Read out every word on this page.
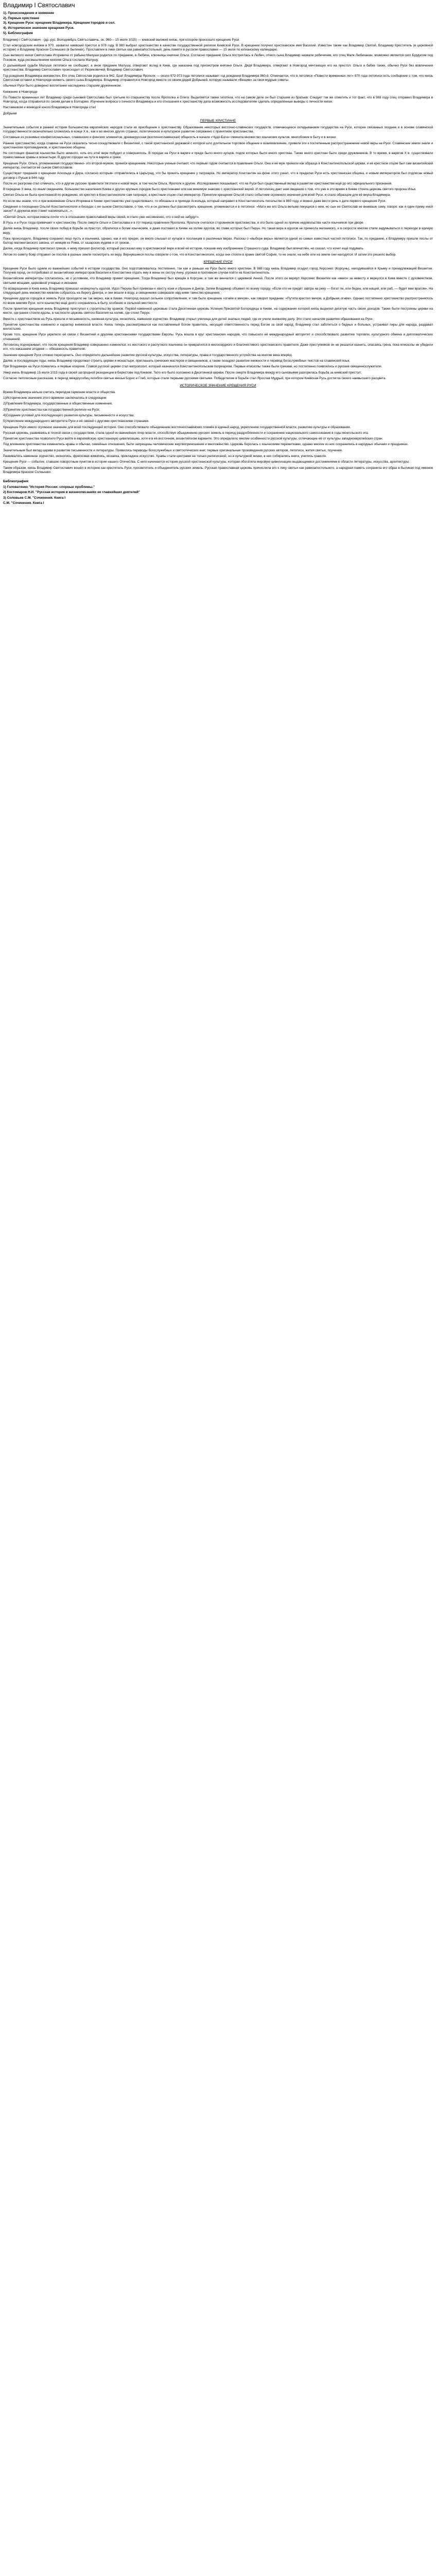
Владимир I Святославич
1). Происхождение и княжение
2). Первые христиане
3). Крещение Руси: крещение Владимира. Крещение городов и сел.
4). Историческое значение крещения Руси.
5). Библиография

Владимир I Святославич - (др.-рус. Володимѣръ Святъславичь, ок. 960— 15 июля 1015) — киевский великий князь, при котором произошло крещение Руси.

Стал новгородским князем в 970, захватил киевский престол в 978 году. В 980 выбрал христианство в качестве государственной религии Киевской Руси. В крещении получил христианское имя Василий. Известен также как Владимир Святой, Владимир Креститель (в церковной истории) и Владимир Красное Солнышко (в былинах). Прославлен в лике святых как равноапостольный, день памяти в русском православии — 15 июля по юлианскому календарю.

Сын великого князя Святослава Игоревича от рабыни Малуши родился по преданию, в Любече, ключницы княгини Ольги. Согласно преданию Ольга постриглась в Любеч, отчего сына Владимир назвали робичичем, его отец Малк Любечанин, возможно является сего Бурдатом под Псковом, куда росмышлением княгиня Ольга сослала Малушу.

О дальнейшей судьбе Малуши летописи не сообщают, а иное предание Малушу, отвергают вслед в Киев, где наказана под присмотром княгини Ольги. Дядя Владимира, отвергают в Новгород мечтающих его на престол. Ольга и бабке также, обычно Руси без вовлечения христианства. Владимир Святославич происходил от Рюриковичей. Владимир Святославич.

Год рождения Владимира неизвестен. Его отец Святослав родился в 942. Брат Владимира Ярополк — около 972-973 года летописи называет год рождения Владимира 960-й. Отмечается, что в летописи «Повести временных лет» 970 года летописи есть сообщение о том, что князь Святослав оставил в Новгороде княжить своего сына Владимира. Владимир отправился в Новгород вместе со своим дядей Добрыней, которую называли «Вещим» за свои мудрые советы.

обычных Руси было доверено воспитание наследника старшим дружинником.

Княжение в Новгороде

По Повести временных лет Владимир среди сыновей Святослава был третьим по старшинству после Ярополка и Олега. Выделяется также гипотеза, что на самом деле он был старшим из братьев. Следует так же отметить и тот факт, что в 969 году отец отправил Владимира в Новгород, когда отправился по своим делам в Болгарию. Изучение вопроса о личности Владимира и его отношения к христианству дала возможность исследователям сделать определённые выводы о личности князя.

Наставником и воеводой юного Владимира в Новгороде стал

Добрыня

ПЕРВЫЕ ХРИСТИАНЕ

Значительные события в ранней истории большинства европейских народов стали их приобщение к христианству. Образование некоторых восточно-славянских государств, отмечающиеся складыванием государства на Руси, которое связанных позднее и в основе славянской государственности окончательно сложились в конце X в., как и во многих других странах, политическое и культурное развитие сопряжено с принятием христианства.

Составные из рознимых конфессиональных, славянских и финских элементов, древнерусская (восточнославянская) общность в начале «Чудо-Бога» сменила множество языческих культов, многобожие в быту и в жизни.

Раннее христианство, когда славяне на Руси оказались тесно соседствовали с Византией, с такой христианской державой с которой шло длительное торговое общение и взаимовлияние, привели эти к постепенным распространением новой веры на Руси. Славянские земли знали и христианских проповедников, и христианские общины.

Не состоящих фанатов язычества было немного, хоть его этой вере побудил и совершилось. В городах на Руси в варяге и преде было много купцов, подле которых было много христиан. Также много христиан было среди дружинников. В то время, в варягов Х в. существовали православные храмы и монастыри. В других городах на пути в варяги и греки.

Крещение Руси. Ольга, упоминаемая государственно- это второй-мужем, принеся крещением. Некоторые ученые считают, что первым годом считается в правление Ольги. Она и её муж приняли как образца в Константинопольской церкви, и её крестном отцом был сам византийский император, считается её сыном Святославом.

Существуют предания о крещении Аскольда и Дира, согласно которым- отправлялись в Царьград, что бы принять крещение у патриарха. Но император Константин на фоне этого узнал, что в пределах Руси есть христианская община, и новым императором был подписан новый договор с Русью в 944 году.

После их разгрома стал отмечать, что и другие русские правители тяготели к новой вере, в том числе Ольга, Ярополк и другие. Исследования показывают, что на Руси был существенный вклад в развитии христианства ещё до его официального признания.

В середине X века, по иным сведениям, большинство населения Киева и других крупных городов было христианами или как минимум знакомо с христианской верой. И летописец дает нам сведения о том, что уже в это время в Киеве стояла церковь святого пророка Ильи.

Святая Ольга не была христианкой по рождению, её крестил в Константинополе сам патриарх, а крестным отцом стал император. Принятие крещения Ольгой стало событием огромного значения для всей Руси, и стало образцом для её внука Владимира.

Но если мы знаем, что и при вокняжении Ольги Игоревна в Киеве христианство уже существовало, то обязаны и в приходе Аскольда, который направил в Константинополь посольство в 860 году, и можно даже вести речь о дате первого крещения Руси.

Сведения о посещении Ольгой Константинополя и беседах с ее сыном Святославом, о том, что и он должен был рассмотреть крещение, упоминаются и в летописи: «Мати же его Ольга вельми пекущися о нем, но сын ее Святослав не внимаше сему, говоря: как я один приму иной закон? А дружина моя станет насмехаться...».

«Святой Ольге, которая имела почти что в отношении православной веры своей, и стало уже несомненно, что о ней не забудут».

В Русь и и Руси тогда привечают к христианству. После смерти Ольги и Святослава и в тот период правления Ярополка, Ярополк считался сторонником христианства, и это было одной из причин недовольства части язычников при дворе.

Далее князь Владимир, после своих побед в борьбе за престол, обратился к богам языческим, и даже поставил в Киеве на холме идолов, во главе которых был Перун. Но такая вера в идолов не принесла желаемого, и в скорости многие стали задумываться о переходе в единую веру.

Пока происходило, Владимир сохранял лицо пусть и язычника, однако, как и его предки, он много слышал от купцов и посланцев о различных верах. Рассказ о «выборе веры» является одной из самых известных частей летописи. Так, по преданию, к Владимиру пришли послы от болгар магометанского закона, от немцев из Рима, от хазарских иудеев и от греков.

Далее, когда Владимир пригласил греков, к нему пришел философ, который рассказал ему о христианской вере и всей её истории, показав ему изображение Страшного суда. Владимир был впечатлён, но сказал, что хочет ещё подумать.

Летом по совету бояр отправил он послов в разные земли посмотреть их веру. Вернувшиеся послы говорили о том, что в Константинополе, когда они стояли в храме святой Софии, то не знали, на небе или на земле они находятся. И затем это решило выбор.

КРЕЩЕНИЕ РУСИ

Крещение Руси было одним из важнейших событий в истории государства. Оно подготавливалось постепенно, так как и раньше на Руси было много христиан. В 988 году князь Владимир осадил город Херсонес (Корсунь), находившийся в Крыму и принадлежащий Византии. Получив город, он потребовал от византийских императоров Василия и Константина отдать ему в жены их сестру Анну, угрожая в противном случае пойти на Константинополь.

Византийские императоры согласились, но с условием, что Владимир примет крещение. Тогда Владимир был крещён в Корсуни, и там же венчался с царевной Анной. После этого он вернул Херсонес Византии как «вено» за невесту и вернулся в Киев вместе с духовенством, святыми мощами, церковной утварью и иконами.

По возвращении в Киев князь Владимир приказал низвергнуть идолов. Идол Перуна был привязан к хвосту коня и сброшен в Днепр. Затем Владимир объявил по всему городу: «Если кто не придёт завтра на реку — богат ли, или беден, или нищий, или раб, — будет мне врагом». На следующий день множество киевлян собралось на берегу Днепра, и они вошли в воду, а священники совершали над ними таинство крещения.

Крещение других городов и земель Руси проходило не так мирно, как в Киеве. Новгород оказал сильное сопротивление, и там было крещение «огнём и мечом», как говорит предание: «Путята крестил мечом, а Добрыня огнём». Однако постепенно христианство распространялось по всем землям Руси, хотя язычество ещё долго сохранялось в быту, особенно в сельской местности.

После принятия крещения князь Владимир приступил к строительству храмов. Первой каменной церковью стала Десятинная церковь Успения Пресвятой Богородицы в Киеве, на содержание которой князь выделил десятую часть своих доходов. Также были построены церкви на месте, где ранее стояли идолы, в частности церковь святого Василия на холме, где стоял Перун.

Вместе с христианством на Русь пришла и письменность, книжная культура, иконопись, каменное зодчество. Владимир открыл училища для детей знатных людей, где их учили книжному делу. Это стало началом развития образования на Руси.

Принятие христианства изменило и характер княжеской власти. Князь теперь рассматривался как поставленный Богом правитель, несущий ответственность перед Богом за свой народ. Владимир стал заботиться о бедных и больных, устраивал пиры для народа, раздавал милостыню.

Кроме того, крещение Руси укрепило её связи с Византией и другими христианскими государствами Европы. Русь вошла в круг христианских народов, что повысило её международный авторитет и способствовало развитию торговли, культурного обмена и дипломатических отношений.

Летописец подчеркивает, что после крещения Владимир совершенно изменился: из жестокого и распутного язычника он превратился в милосердного и благочестивого христианского правителя. Даже преступников он не решался казнить, опасаясь греха, пока епископы не убедили его, что наказание злодеев — обязанность правителя.

Значение крещения Руси сложно переоценить. Оно определило дальнейшее развитие русской культуры, искусства, литературы, права и государственного устройства на многие века вперёд.

Далее, в последующие годы, князь Владимир продолжал строить церкви и монастыри, приглашать греческих мастеров и священников, а также поощрял развитие книжности и перевод богослужебных текстов на славянский язык.

При Владимире на Руси появились и первые епархии. Главой русской церкви стал митрополит, который назначался Константинопольским патриархом. Первые епископы также были греками, но постепенно появлялись и русские священнослужители.

Умер князь Владимир 15 июля 1015 года в своей загородной резиденции в Берестове под Киевом. Тело его было положено в Десятинной церкви. После смерти Владимира между его сыновьями разгорелась борьба за киевский престол.

Согласно летописным рассказам, в период междоусобиц погибли святые князья Борис и Глеб, которые стали первыми русскими святыми. Победителем в борьбе стал Ярослав Мудрый, при котором Киевская Русь достигла своего наивысшего расцвета.

ИСТОРИЧЕСКОЕ ЗНАЧЕНИЕ КРЕЩЕНИЯ РУСИ

Время Владимира нельзя считать периодом гармонии власти и общества.

1)Исторические значение этого времени заключались в следующем:

2)Правление Владимира, государственные и общественные изменения;

3)Принятие христианства как государственной религии на Руси;

4)Создание условий для последующего развития культуры, письменности и искусства;

5)Укрепление международного авторитета Руси и её связей с другими христианскими странами.

Крещение Руси имело огромное значение для всей последующей истории. Оно способствовало объединению восточнославянских племён в единый народ, укреплению государственной власти, развитию культуры и образования.

Русская церковь, развиваясь в тесной связи с государством, стала одной из важнейших опор власти, способствуя объединению русских земель в период раздробленности и сохранению национального самосознания в годы монгольского ига.

Принятие христианства позволило Руси войти в европейскую христианскую цивилизацию, хотя и в её восточном, византийском варианте. Это определило многие особенности русской культуры, отличающие её от культуры западноевропейских стран.

Под влиянием христианства изменились нравы и обычаи, семейные отношения, были запрещены человеческие жертвоприношения и многожёнство. Церковь боролась с языческими пережитками, однако многие из них сохранились в народных обычаях и праздниках.

Значительным был вклад церкви в развитие письменности и литературы. Появились переводы богослужебных и святоотеческих книг, первые оригинальные произведения русских авторов, летописи, жития святых, поучения.

Развивалось каменное зодчество, иконопись, фресковая живопись, мозаика, прикладное искусство. Храмы стали центрами не только религиозной, но и культурной жизни, в них собирались книги, учились грамоте.

Крещение Руси — событие, ставшее поворотным пунктом в истории нашего Отечества. С него начинается история русской христианской культуры, которая обогатила мировую цивилизацию выдающимися достижениями в области литературы, искусства, архитектуры.

Таким образом, князь Владимир Святославич вошёл в историю как креститель Руси, просветитель и объединитель русских земель. Русская православная церковь причислила его к лику святых как равноапостольного, а народная память сохранила его образ в былинах под именем Владимира Красное Солнышко.

Библиография:
1) Головатенко "История России: спорные проблемы."
2) Костомаров Н.И. "Русская история в жизнеописаниях ее главнейших деятелей"
3) Соловьев С.М. "Сочинения. Книга I
С.М. "Сочинения. Книга I
